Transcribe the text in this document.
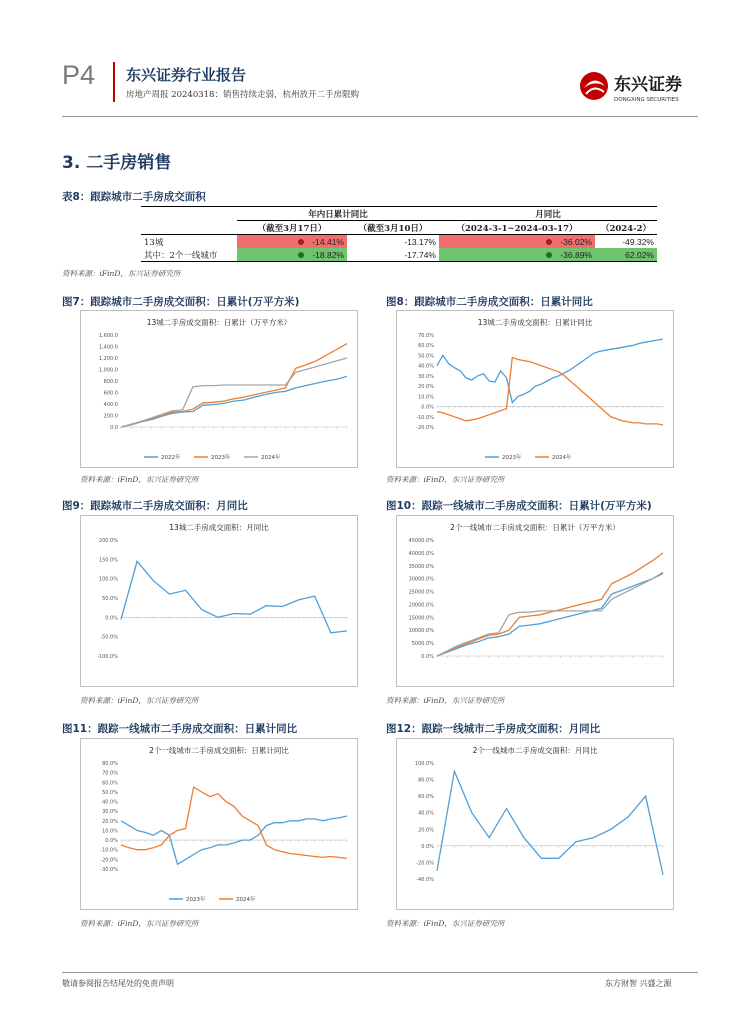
P4 东兴证券行业报告
房地产周报 20240318：销售持续走弱，杭州放开二手房限购	东兴证券
DONGXING SECURITIES
3. 二手房销售
表8：跟踪城市二手房成交面积
	年内日累计同比		月同比	
	（截至3月17日）	（截至3月10日）	（2024-3-1~2024-03-17）	（2024-2）
13城	-14.41%	-13.17%	-36.02%	-49.32%
其中：2个一线城市	-18.82%	-17.74%	-36.89%	62.02%
资料来源：iFinD，东兴证券研究所
图7：跟踪城市二手房成交面积：日累计(万平方米)	图8：跟踪城市二手房成交面积：日累计同比
图9：跟踪城市二手房成交面积：月同比	图10：跟踪一线城市二手房成交面积：日累计(万平方米)
图11：跟踪一线城市二手房成交面积：日累计同比	图12：跟踪一线城市二手房成交面积：月同比
资料来源：iFinD，东兴证券研究所	资料来源：iFinD，东兴证券研究所
资料来源：iFinD，东兴证券研究所	资料来源：iFinD，东兴证券研究所
资料来源：iFinD，东兴证券研究所	资料来源：iFinD，东兴证券研究所
13城二手房成交面积：日累计（万平方米）
0.0
200.0
400.0
600.0
800.0
1,000.0
1,200.0
1,400.0
1,600.0
2022年	2023年	2024年
13城二手房成交面积：日累计同比
-20.0%
-10.0%
0.0%
10.0%
20.0%
30.0%
40.0%
50.0%
60.0%
70.0%
2023年	2024年
13城二手房成交面积：月同比
-100.0%
-50.0%
0.0%
50.0%
100.0%
150.0%
200.0%
2个一线城市二手房成交面积：日累计（万平方米）
0.0%
5000.0%
10000.0%
15000.0%
20000.0%
25000.0%
30000.0%
35000.0%
40000.0%
45000.0%
2个一线城市二手房成交面积：日累计同比
-30.0%
-20.0%
-10.0%
0.0%
10.0%
20.0%
30.0%
40.0%
50.0%
60.0%
70.0%
80.0%
2023年	2024年
2个一线城市二手房成交面积：月同比
-40.0%
-20.0%
0.0%
20.0%
40.0%
60.0%
80.0%
100.0%
敬请参阅报告结尾处的免责声明	东方财智 兴盛之源
